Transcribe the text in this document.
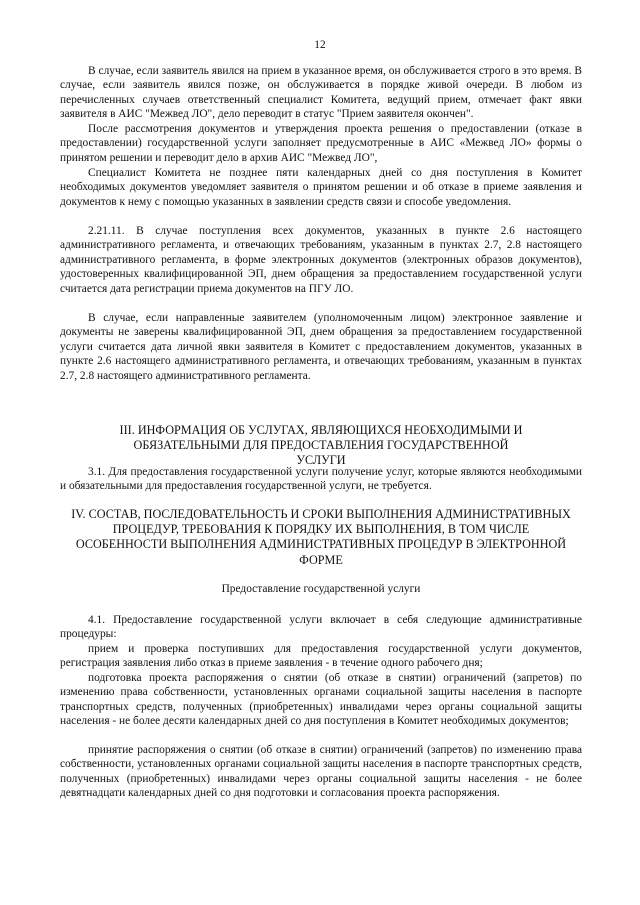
12

В случае, если заявитель явился на прием в указанное время, он обслуживается строго в это время. В случае, если заявитель явился позже, он обслуживается в порядке живой очереди. В любом из перечисленных случаев ответственный специалист Комитета, ведущий прием, отмечает факт явки заявителя в АИС "Межвед ЛО", дело переводит в статус "Прием заявителя окончен".

После рассмотрения документов и утверждения проекта решения о предоставлении (отказе в предоставлении) государственной услуги заполняет предусмотренные в АИС «Межвед ЛО» формы о принятом решении и переводит дело в архив АИС "Межвед ЛО",

Специалист Комитета не позднее пяти календарных дней со дня поступления в Комитет необходимых документов уведомляет заявителя о принятом решении и об отказе в приеме заявления и документов к нему с помощью указанных в заявлении средств связи и способе уведомления.

2.21.11. В случае поступления всех документов, указанных в пункте 2.6 настоящего административного регламента, и отвечающих требованиям, указанным в пунктах 2.7, 2.8 настоящего административного регламента, в форме электронных документов (электронных образов документов), удостоверенных квалифицированной ЭП, днем обращения за предоставлением государственной услуги считается дата регистрации приема документов на ПГУ ЛО.

В случае, если направленные заявителем (уполномоченным лицом) электронное заявление и документы не заверены квалифицированной ЭП, днем обращения за предоставлением государственной услуги считается дата личной явки заявителя в Комитет с предоставлением документов, указанных в пункте 2.6 настоящего административного регламента, и отвечающих требованиям, указанным в пунктах 2.7, 2.8 настоящего административного регламента.

III. ИНФОРМАЦИЯ ОБ УСЛУГАХ, ЯВЛЯЮЩИХСЯ НЕОБХОДИМЫМИ И ОБЯЗАТЕЛЬНЫМИ ДЛЯ ПРЕДОСТАВЛЕНИЯ ГОСУДАРСТВЕННОЙ УСЛУГИ

3.1. Для предоставления государственной услуги получение услуг, которые являются необходимыми и обязательными для предоставления государственной услуги, не требуется.

IV. СОСТАВ, ПОСЛЕДОВАТЕЛЬНОСТЬ И СРОКИ ВЫПОЛНЕНИЯ АДМИНИСТРАТИВНЫХ ПРОЦЕДУР, ТРЕБОВАНИЯ К ПОРЯДКУ ИХ ВЫПОЛНЕНИЯ, В ТОМ ЧИСЛЕ ОСОБЕННОСТИ ВЫПОЛНЕНИЯ АДМИНИСТРАТИВНЫХ ПРОЦЕДУР В ЭЛЕКТРОННОЙ ФОРМЕ

Предоставление государственной услуги

4.1. Предоставление государственной услуги включает в себя следующие административные процедуры:

прием и проверка поступивших для предоставления государственной услуги документов, регистрация заявления либо отказ в приеме заявления - в течение одного рабочего дня;

подготовка проекта распоряжения о снятии (об отказе в снятии) ограничений (запретов) по изменению права собственности, установленных органами социальной защиты населения в паспорте транспортных средств, полученных (приобретенных) инвалидами через органы социальной защиты населения - не более десяти календарных дней со дня поступления в Комитет необходимых документов;

принятие распоряжения о снятии (об отказе в снятии) ограничений (запретов) по изменению права собственности, установленных органами социальной защиты населения в паспорте транспортных средств, полученных (приобретенных) инвалидами через органы социальной защиты населения - не более девятнадцати календарных дней со дня подготовки и согласования проекта распоряжения.
